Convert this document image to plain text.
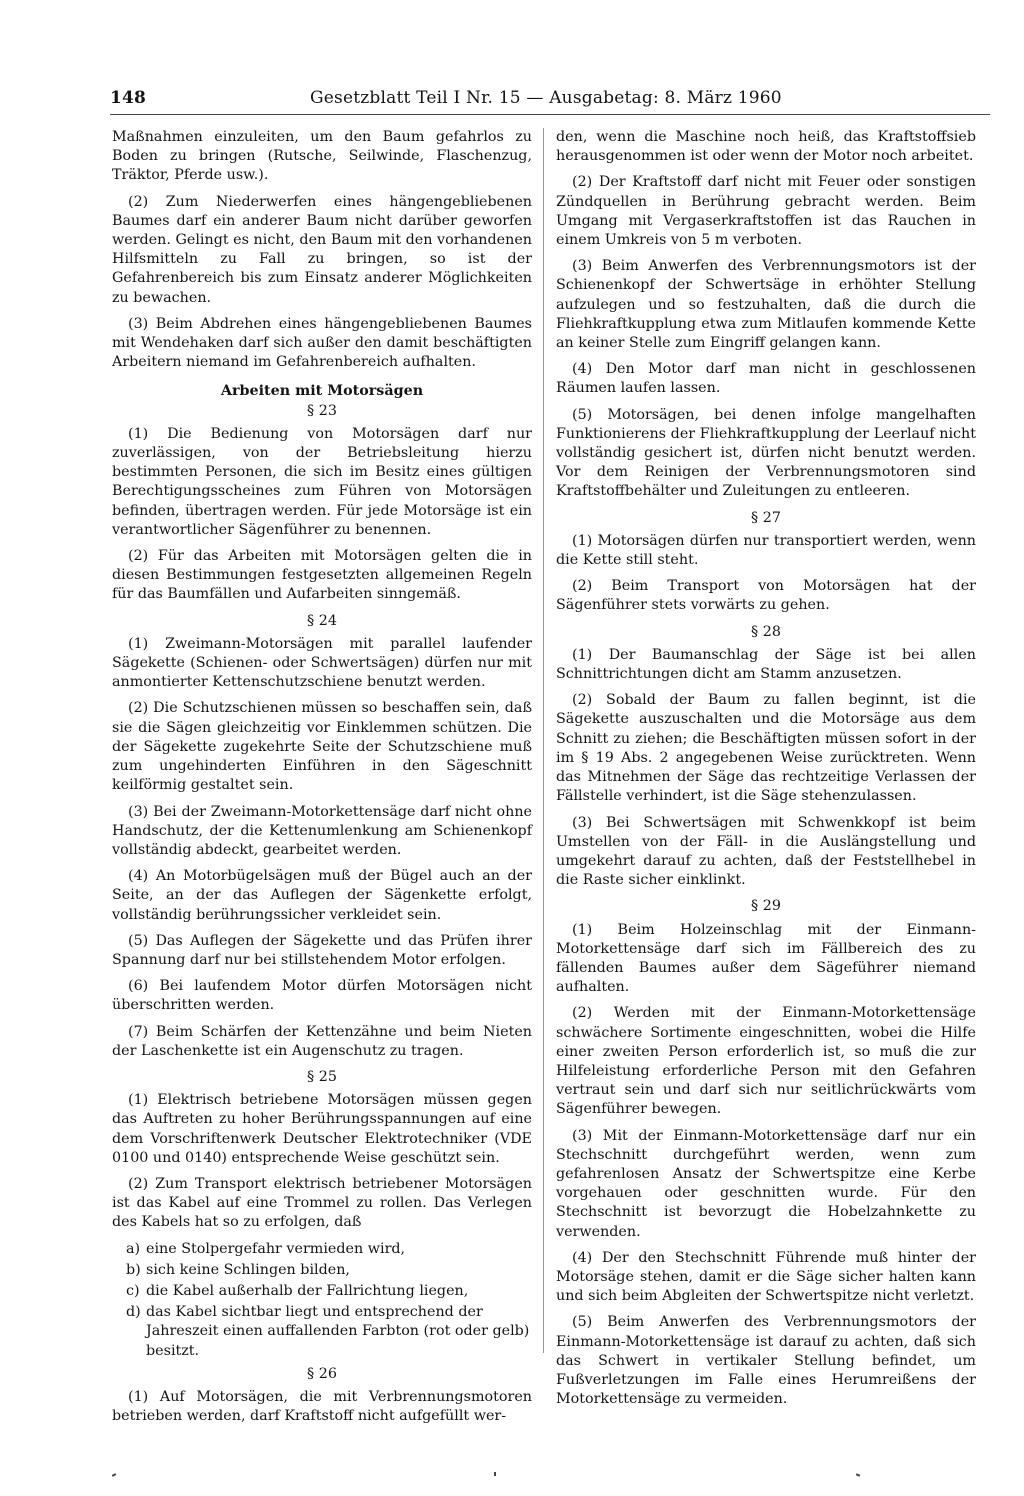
148	Gesetzblatt Teil I Nr. 15 — Ausgabetag: 8. März 1960

Maßnahmen einzuleiten, um den Baum gefahrlos zu Boden zu bringen (Rutsche, Seilwinde, Flaschenzug, Träktor, Pferde usw.).

(2) Zum Niederwerfen eines hängengebliebenen Baumes darf ein anderer Baum nicht darüber geworfen werden. Gelingt es nicht, den Baum mit den vorhandenen Hilfsmitteln zu Fall zu bringen, so ist der Gefahrenbereich bis zum Einsatz anderer Möglichkeiten zu bewachen.

(3) Beim Abdrehen eines hängengebliebenen Baumes mit Wendehaken darf sich außer den damit beschäftigten Arbeitern niemand im Gefahrenbereich aufhalten.

Arbeiten mit Motorsägen
§ 23

(1) Die Bedienung von Motorsägen darf nur zuverlässigen, von der Betriebsleitung hierzu bestimmten Personen, die sich im Besitz eines gültigen Berechtigungsscheines zum Führen von Motorsägen befinden, übertragen werden. Für jede Motorsäge ist ein verantwortlicher Sägenführer zu benennen.

(2) Für das Arbeiten mit Motorsägen gelten die in diesen Bestimmungen festgesetzten allgemeinen Regeln für das Baumfällen und Aufarbeiten sinngemäß.

§ 24

(1) Zweimann-Motorsägen mit parallel laufender Sägekette (Schienen- oder Schwertsägen) dürfen nur mit anmontierter Kettenschutzschiene benutzt werden.

(2) Die Schutzschienen müssen so beschaffen sein, daß sie die Sägen gleichzeitig vor Einklemmen schützen. Die der Sägekette zugekehrte Seite der Schutzschiene muß zum ungehinderten Einführen in den Sägeschnitt keilförmig gestaltet sein.

(3) Bei der Zweimann-Motorkettensäge darf nicht ohne Handschutz, der die Kettenumlenkung am Schienenkopf vollständig abdeckt, gearbeitet werden.

(4) An Motorbügelsägen muß der Bügel auch an der Seite, an der das Auflegen der Sägenkette erfolgt, vollständig berührungssicher verkleidet sein.

(5) Das Auflegen der Sägekette und das Prüfen ihrer Spannung darf nur bei stillstehendem Motor erfolgen.

(6) Bei laufendem Motor dürfen Motorsägen nicht überschritten werden.

(7) Beim Schärfen der Kettenzähne und beim Nieten der Laschenkette ist ein Augenschutz zu tragen.

§ 25

(1) Elektrisch betriebene Motorsägen müssen gegen das Auftreten zu hoher Berührungsspannungen auf eine dem Vorschriftenwerk Deutscher Elektrotechniker (VDE 0100 und 0140) entsprechende Weise geschützt sein.

(2) Zum Transport elektrisch betriebener Motorsägen ist das Kabel auf eine Trommel zu rollen. Das Verlegen des Kabels hat so zu erfolgen, daß

a) eine Stolpergefahr vermieden wird,
b) sich keine Schlingen bilden,
c) die Kabel außerhalb der Fallrichtung liegen,
d) das Kabel sichtbar liegt und entsprechend der Jahreszeit einen auffallenden Farbton (rot oder gelb) besitzt.
§ 26

(1) Auf Motorsägen, die mit Verbrennungsmotoren betrieben werden, darf Kraftstoff nicht aufgefüllt wer-

den, wenn die Maschine noch heiß, das Kraftstoffsieb herausgenommen ist oder wenn der Motor noch arbeitet.

(2) Der Kraftstoff darf nicht mit Feuer oder sonstigen Zündquellen in Berührung gebracht werden. Beim Umgang mit Vergaserkraftstoffen ist das Rauchen in einem Umkreis von 5 m verboten.

(3) Beim Anwerfen des Verbrennungsmotors ist der Schienenkopf der Schwertsäge in erhöhter Stellung aufzulegen und so festzuhalten, daß die durch die Fliehkraftkupplung etwa zum Mitlaufen kommende Kette an keiner Stelle zum Eingriff gelangen kann.

(4) Den Motor darf man nicht in geschlossenen Räumen laufen lassen.

(5) Motorsägen, bei denen infolge mangelhaften Funktionierens der Fliehkraftkupplung der Leerlauf nicht vollständig gesichert ist, dürfen nicht benutzt werden. Vor dem Reinigen der Verbrennungsmotoren sind Kraftstoffbehälter und Zuleitungen zu entleeren.

§ 27

(1) Motorsägen dürfen nur transportiert werden, wenn die Kette still steht.

(2) Beim Transport von Motorsägen hat der Sägenführer stets vorwärts zu gehen.

§ 28

(1) Der Baumanschlag der Säge ist bei allen Schnittrichtungen dicht am Stamm anzusetzen.

(2) Sobald der Baum zu fallen beginnt, ist die Sägekette auszuschalten und die Motorsäge aus dem Schnitt zu ziehen; die Beschäftigten müssen sofort in der im § 19 Abs. 2 angegebenen Weise zurücktreten. Wenn das Mitnehmen der Säge das rechtzeitige Verlassen der Fällstelle verhindert, ist die Säge stehenzulassen.

(3) Bei Schwertsägen mit Schwenkkopf ist beim Umstellen von der Fäll- in die Auslängstellung und umgekehrt darauf zu achten, daß der Feststellhebel in die Raste sicher einklinkt.

§ 29

(1) Beim Holzeinschlag mit der Einmann-Motorkettensäge darf sich im Fällbereich des zu fällenden Baumes außer dem Sägeführer niemand aufhalten.

(2) Werden mit der Einmann-Motorkettensäge schwächere Sortimente eingeschnitten, wobei die Hilfe einer zweiten Person erforderlich ist, so muß die zur Hilfeleistung erforderliche Person mit den Gefahren vertraut sein und darf sich nur seitlichrückwärts vom Sägenführer bewegen.

(3) Mit der Einmann-Motorkettensäge darf nur ein Stechschnitt durchgeführt werden, wenn zum gefahrenlosen Ansatz der Schwertspitze eine Kerbe vorgehauen oder geschnitten wurde. Für den Stechschnitt ist bevorzugt die Hobelzahnkette zu verwenden.

(4) Der den Stechschnitt Führende muß hinter der Motorsäge stehen, damit er die Säge sicher halten kann und sich beim Abgleiten der Schwertspitze nicht verletzt.

(5) Beim Anwerfen des Verbrennungsmotors der Einmann-Motorkettensäge ist darauf zu achten, daß sich das Schwert in vertikaler Stellung befindet, um Fußverletzungen im Falle eines Herumreißens der Motorkettensäge zu vermeiden.
